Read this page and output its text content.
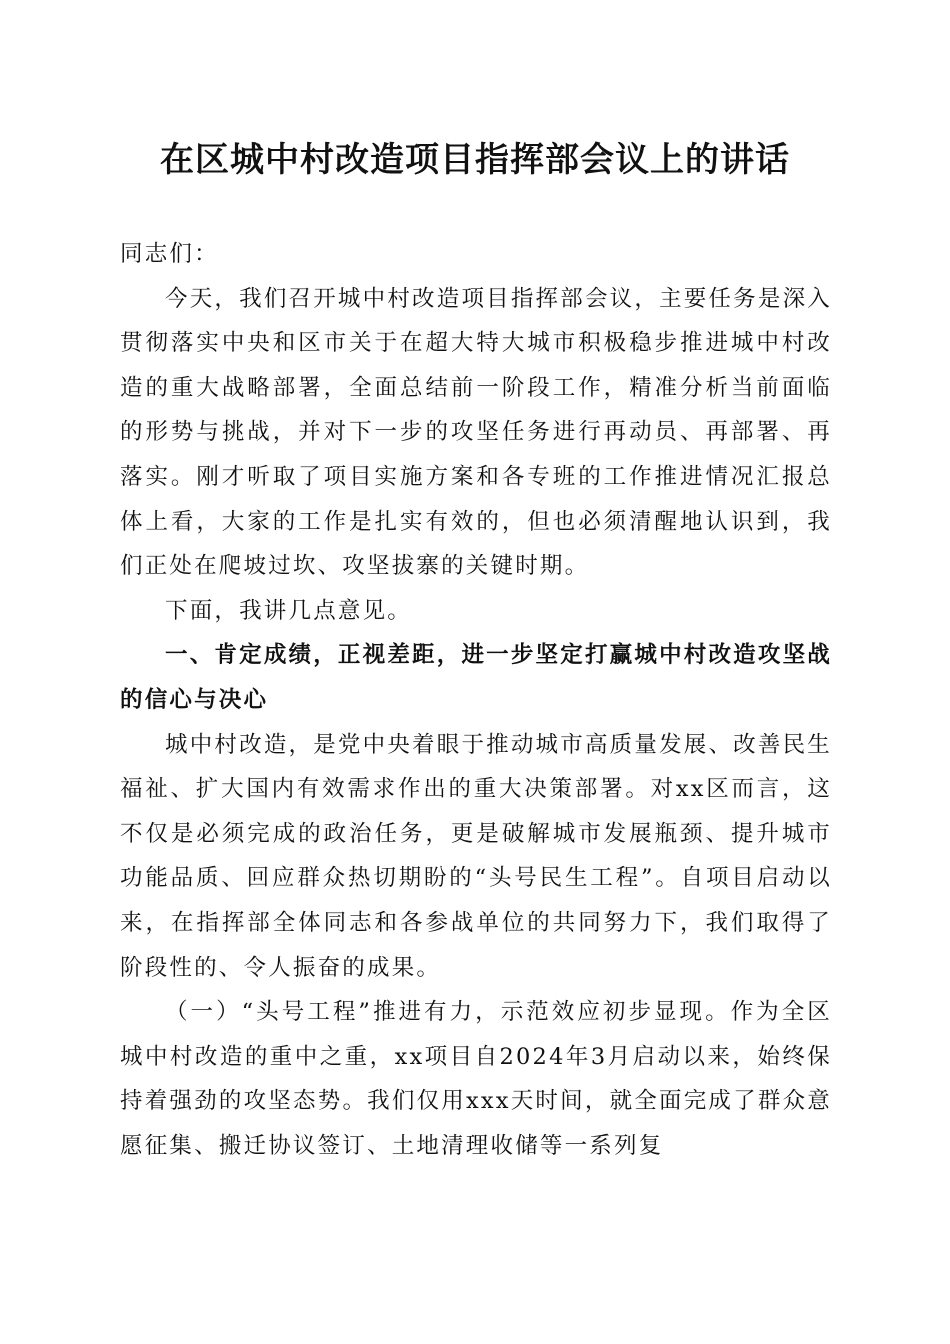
在区城中村改造项目指挥部会议上的讲话

同志们：

今天，我们召开城中村改造项目指挥部会议，主要任务是深入贯彻落实中央和区市关于在超大特大城市积极稳步推进城中村改造的重大战略部署，全面总结前一阶段工作，精准分析当前面临的形势与挑战，并对下一步的攻坚任务进行再动员、再部署、再落实。刚才听取了项目实施方案和各专班的工作推进情况汇报总体上看，大家的工作是扎实有效的，但也必须清醒地认识到，我们正处在爬坡过坎、攻坚拔寨的关键时期。

下面，我讲几点意见。

一、肯定成绩，正视差距，进一步坚定打赢城中村改造攻坚战的信心与决心

城中村改造，是党中央着眼于推动城市高质量发展、改善民生福祉、扩大国内有效需求作出的重大决策部署。对xx区而言，这不仅是必须完成的政治任务，更是破解城市发展瓶颈、提升城市功能品质、回应群众热切期盼的“头号民生工程”。自项目启动以来，在指挥部全体同志和各参战单位的共同努力下，我们取得了阶段性的、令人振奋的成果。

（一）“头号工程”推进有力，示范效应初步显现。作为全区城中村改造的重中之重，xx项目自2024年3月启动以来，始终保持着强劲的攻坚态势。我们仅用xxx天时间，就全面完成了群众意愿征集、搬迁协议签订、土地清理收储等一系列复
